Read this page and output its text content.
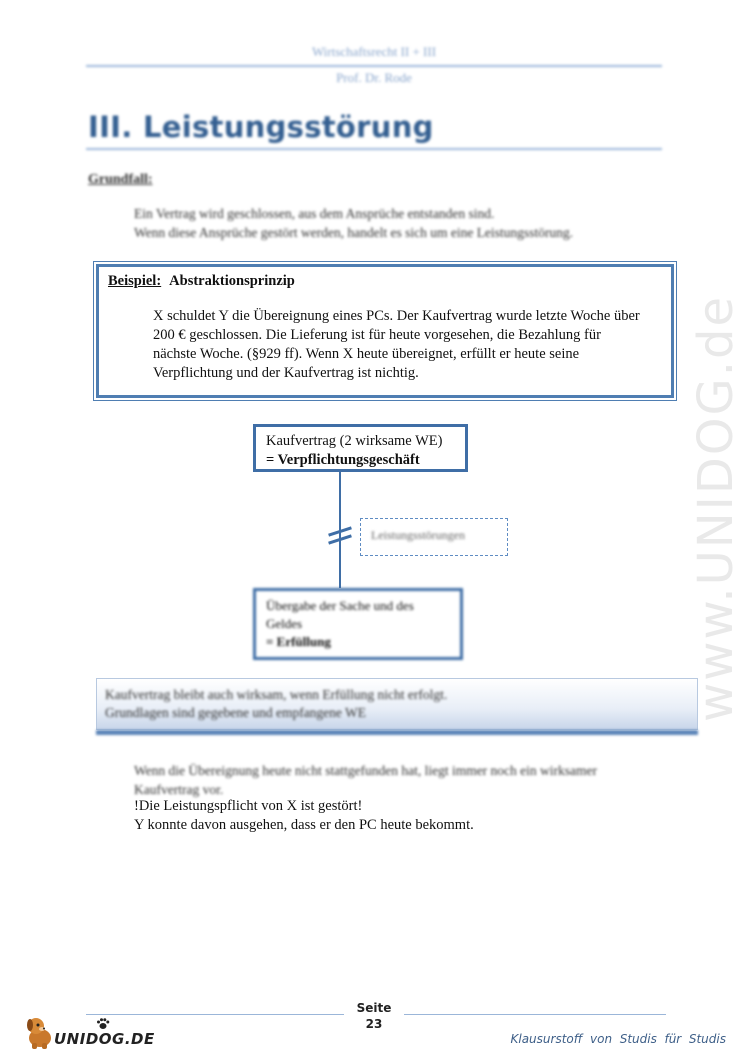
Wirtschaftsrecht II + III
Prof. Dr. Rode
III. Leistungsstörung
Grundfall:
Ein Vertrag wird geschlossen, aus dem Ansprüche entstanden sind.
Wenn diese Ansprüche gestört werden, handelt es sich um eine Leistungsstörung.
Beispiel: Abstraktionsprinzip
X schuldet Y die Übereignung eines PCs. Der Kaufvertrag wurde letzte Woche über
200 € geschlossen. Die Lieferung ist für heute vorgesehen, die Bezahlung für
nächste Woche. (§929 ff). Wenn X heute übereignet, erfüllt er heute seine
Verpflichtung und der Kaufvertrag ist nichtig.
Kaufvertrag (2 wirksame WE)
= Verpflichtungsgeschäft
Leistungsstörungen
Übergabe der Sache und des
Geldes
= Erfüllung
Kaufvertrag bleibt auch wirksam, wenn Erfüllung nicht erfolgt.
Grundlagen sind gegebene und empfangene WE
Wenn die Übereignung heute nicht stattgefunden hat, liegt immer noch ein wirksamer
Kaufvertrag vor.
!Die Leistungspflicht von X ist gestört!
Y konnte davon ausgehen, dass er den PC heute bekommt.
www.UNIDOG.de
Seite
23
UNIDOG.DE	Klausurstoff  von  Studis  für  Studis
